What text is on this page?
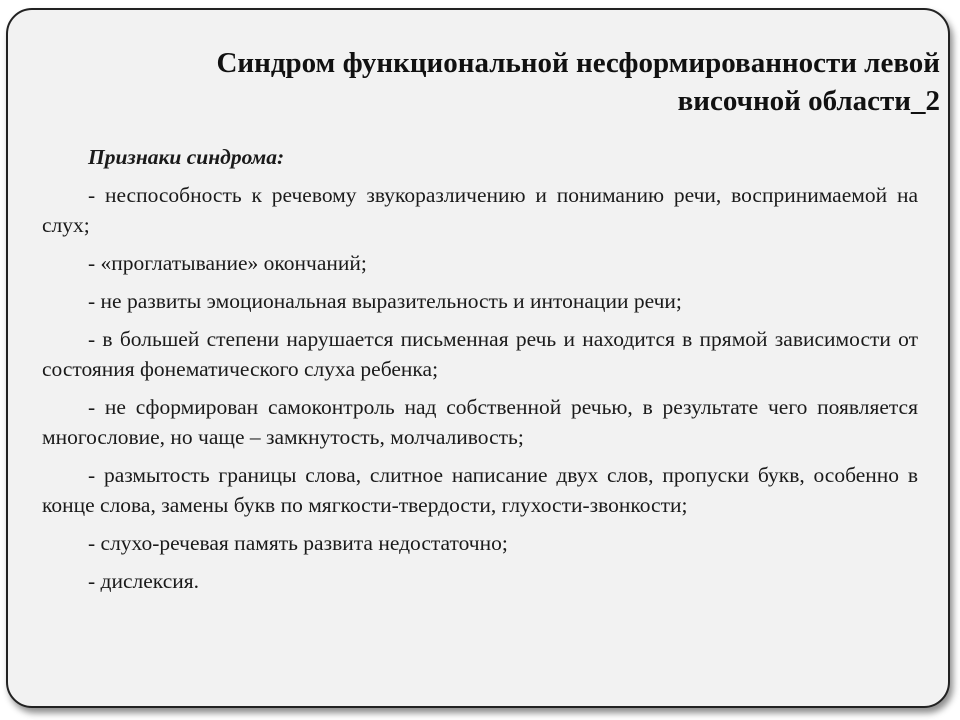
Синдром функциональной несформированности левой височной области_2

Признаки синдрома:

- неспособность к речевому звукоразличению и пониманию речи, воспринимаемой на слух;

- «проглатывание» окончаний;

- не развиты эмоциональная выразительность и интонации речи;

- в большей степени нарушается письменная речь и находится в прямой зависимости от состояния фонематического слуха ребенка;

- не сформирован самоконтроль над собственной речью, в результате чего появляется многословие, но чаще – замкнутость, молчаливость;

- размытость границы слова, слитное написание двух слов, пропуски букв, особенно в конце слова, замены букв по мягкости-твердости, глухости-звонкости;

- слухо-речевая память развита недостаточно;

- дислексия.
